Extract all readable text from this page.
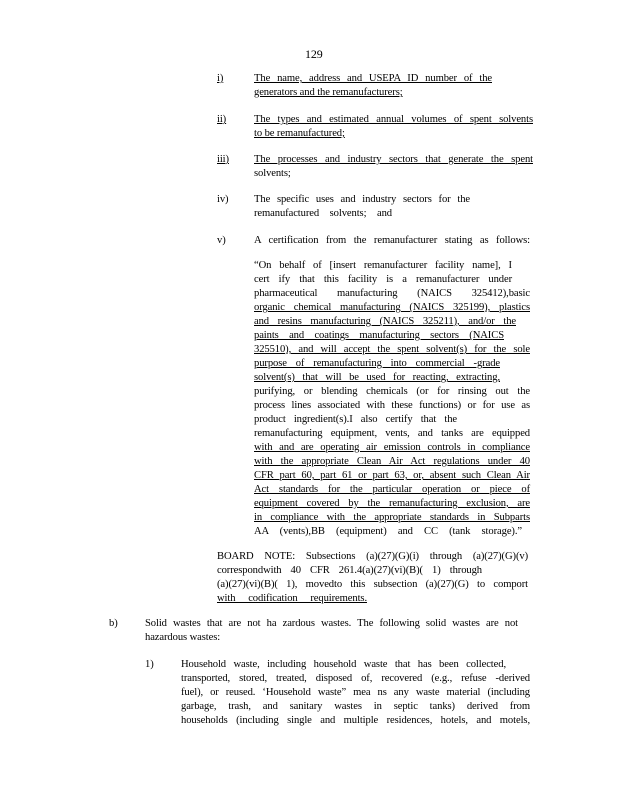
129
i)	The name, address and USEPA ID number of the
generators and the remanufacturers;
ii)	The types and estimated annual volumes of spent solvents
to be remanufactured;
iii) The processes and industry sectors that generate the spent
solvents;
iv) The specific uses and industry sectors for the
remanufactured solvents; and
v)	A certification from the remanufacturer stating as follows:
“On behalf of [insert remanufacturer facility name], I
cert ify that this facility is a remanufacturer under
pharmaceutical manufacturing (NAICS 325412),basic
organic chemical manufacturing (NAICS 325199), plastics
and resins manufacturing (NAICS 325211), and/or the
paints and coatings manufacturing sectors (NAICS
325510), and will accept the spent solvent(s) for the sole
purpose of remanufacturing into commercial -grade
solvent(s) that will be used for reacting, extracting,
purifying, or blending chemicals (or for rinsing out the
process lines associated with these functions) or for use as
product ingredient(s).I also certify that the
remanufacturing equipment, vents, and tanks are equipped
with and are operating air emission controls in compliance
with the appropriate Clean Air Act regulations under 40
CFR part 60, part 61 or part 63, or, absent such Clean Air
Act standards for the particular operation or piece of
equipment covered by the remanufacturing exclusion, are
in compliance with the appropriate standards in Subparts
AA (vents),BB (equipment) and CC (tank storage).”
BOARD NOTE: Subsections (a)(27)(G)(i) through (a)(27)(G)(v)
correspondwith 40 CFR 261.4(a)(27)(vi)(B)( 1) through
(a)(27)(vi)(B)( 1), movedto this subsection (a)(27)(G) to comport
with codification requirements.
b)	Solid wastes that are not ha zardous wastes. The following solid wastes are not
hazardous wastes:
1)	Household waste, including household waste that has been collected,
transported, stored, treated, disposed of, recovered (e.g., refuse -derived
fuel), or reused. ‘Household waste” mea ns any waste material (including
garbage, trash, and sanitary wastes in septic tanks) derived from
households (including single and multiple residences, hotels, and motels,
